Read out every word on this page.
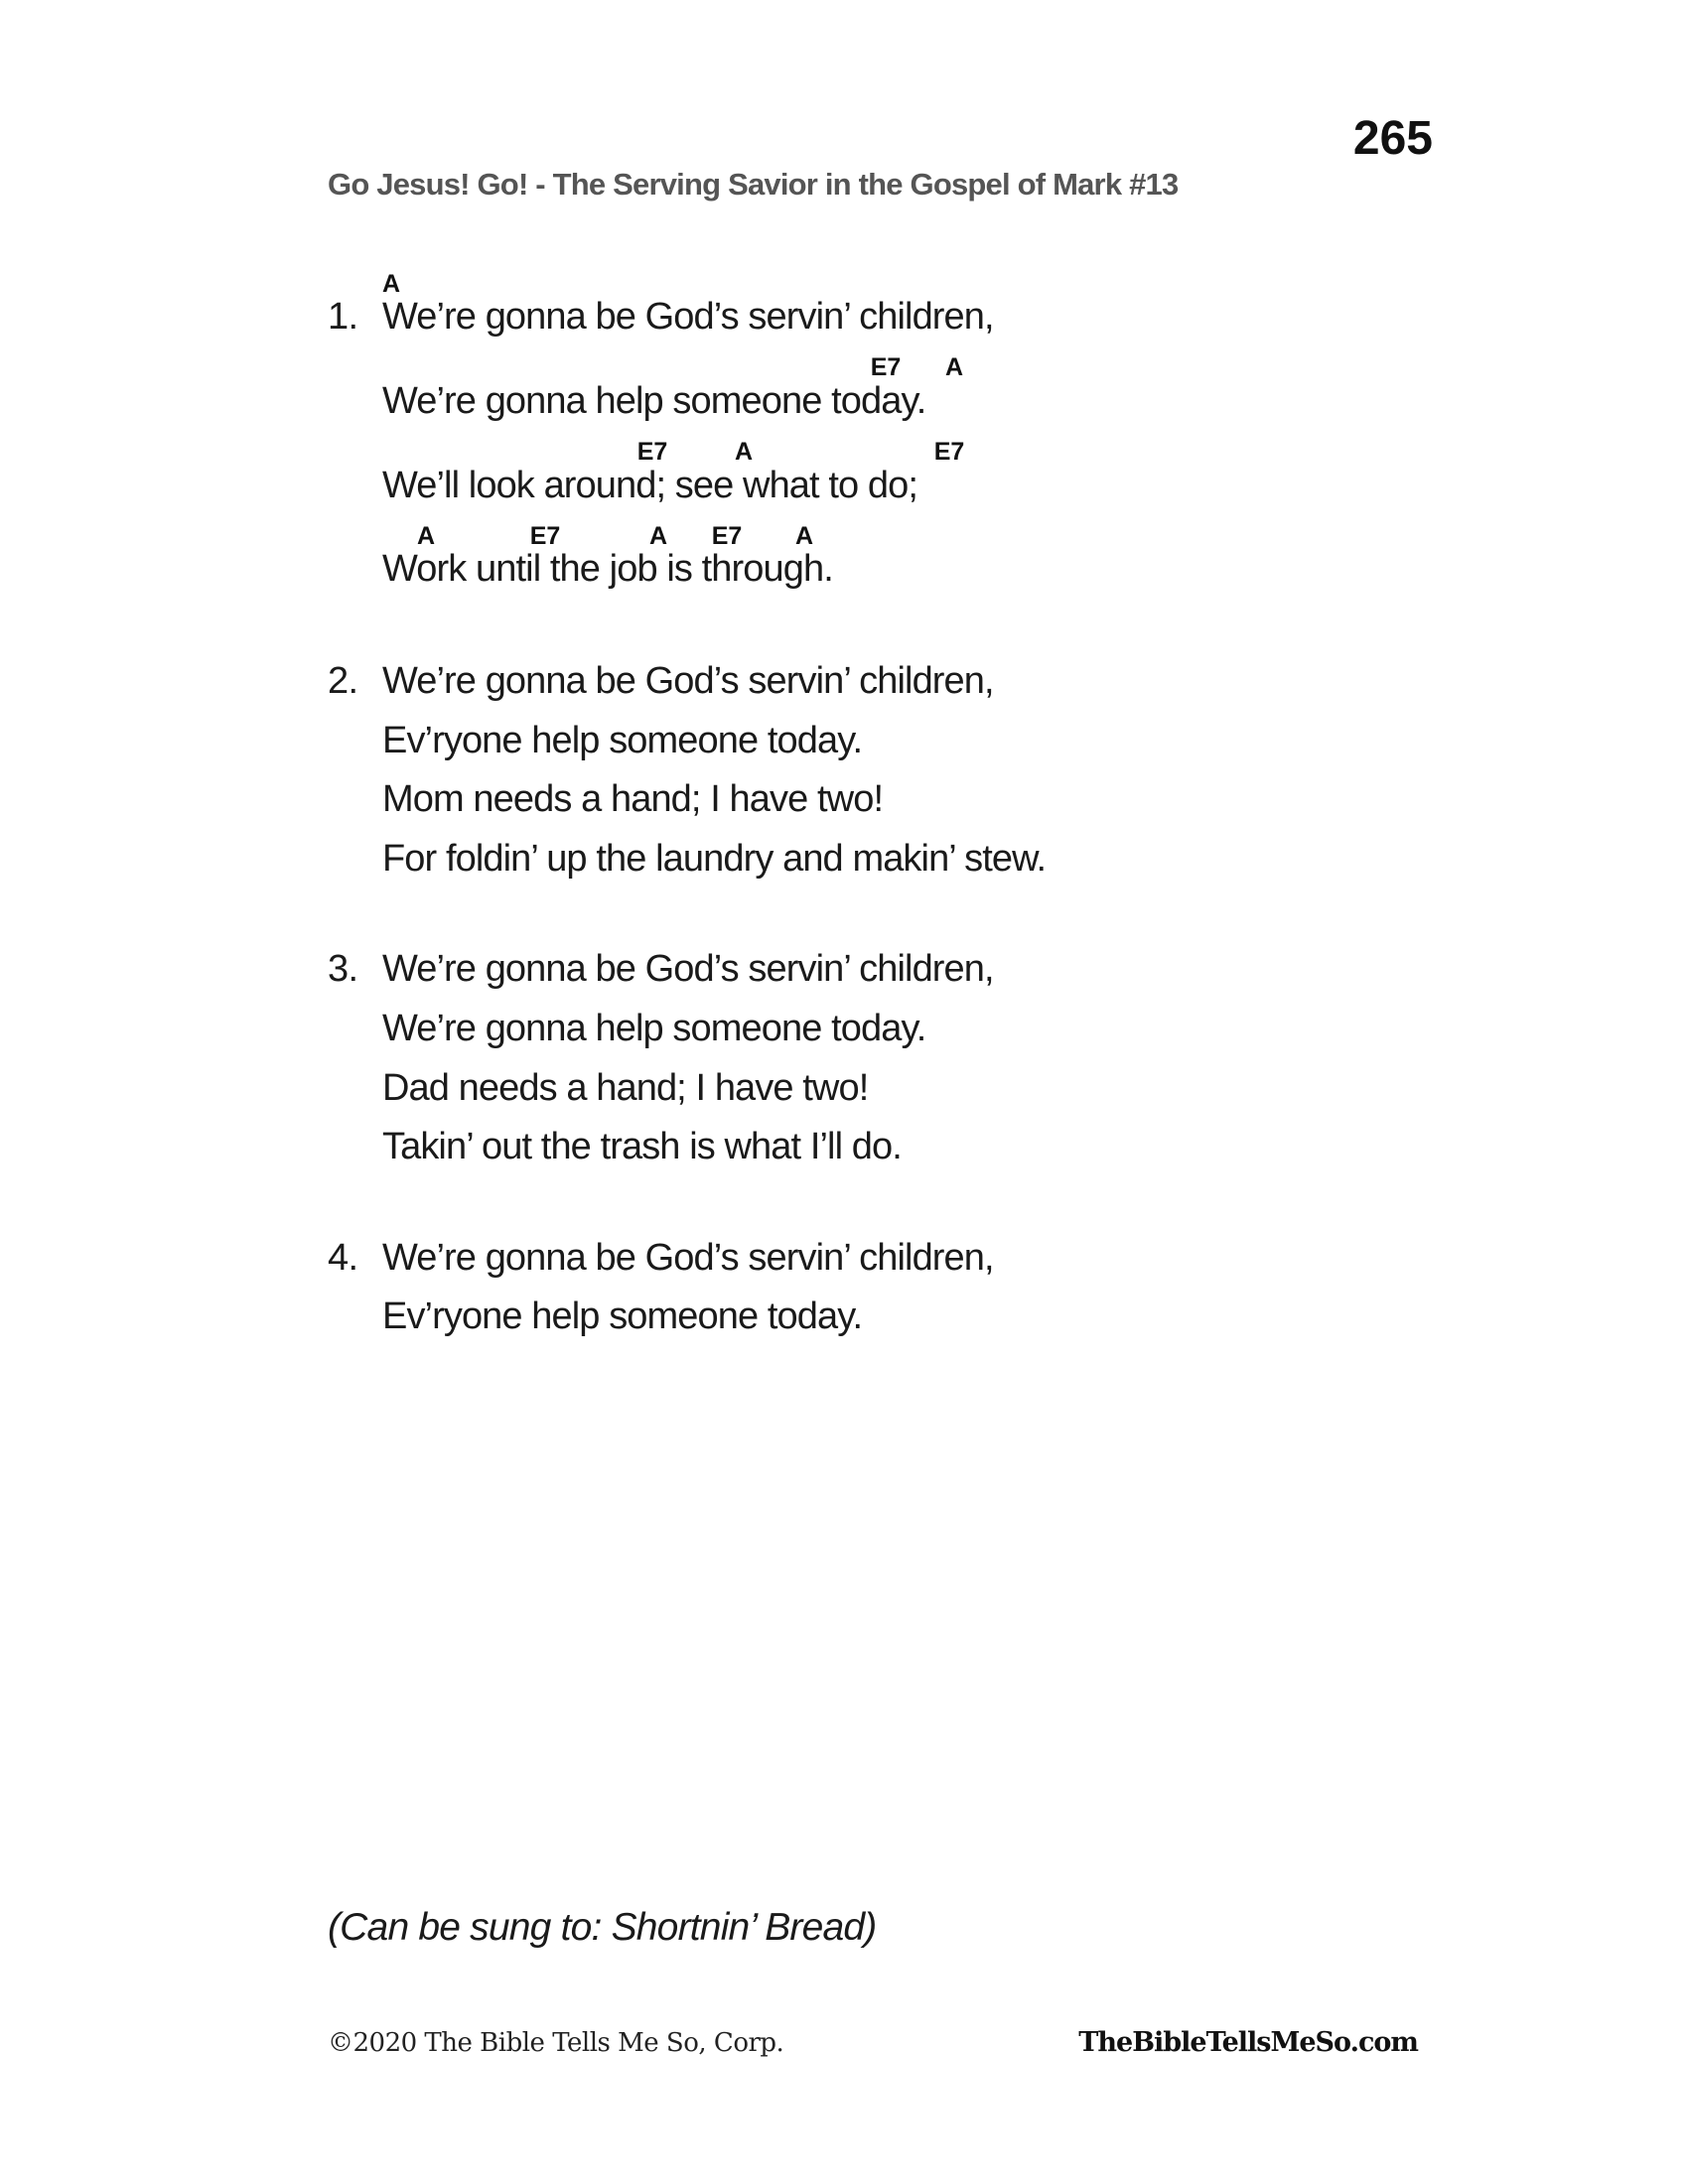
265
Go Jesus! Go! - The Serving Savior in the Gospel of Mark #13
1.
A
We’re gonna be God’s servin’ children,
E7 A
We’re gonna help someone today.
E7	A	E7
We’ll look around; see what to do;
A	E7	A E7 A
Work until the job is through.
2. We’re gonna be God’s servin’ children,
Ev’ryone help someone today.
Mom needs a hand; I have two!
For foldin’ up the laundry and makin’ stew.
3. We’re gonna be God’s servin’ children,
We’re gonna help someone today.
Dad needs a hand; I have two!
Takin’ out the trash is what I’ll do.
4. We’re gonna be God’s servin’ children,
Ev’ryone help someone today.
(Can be sung to: Shortnin’ Bread)
©2020 The Bible Tells Me So, Corp.	TheBibleTellsMeSo.com
